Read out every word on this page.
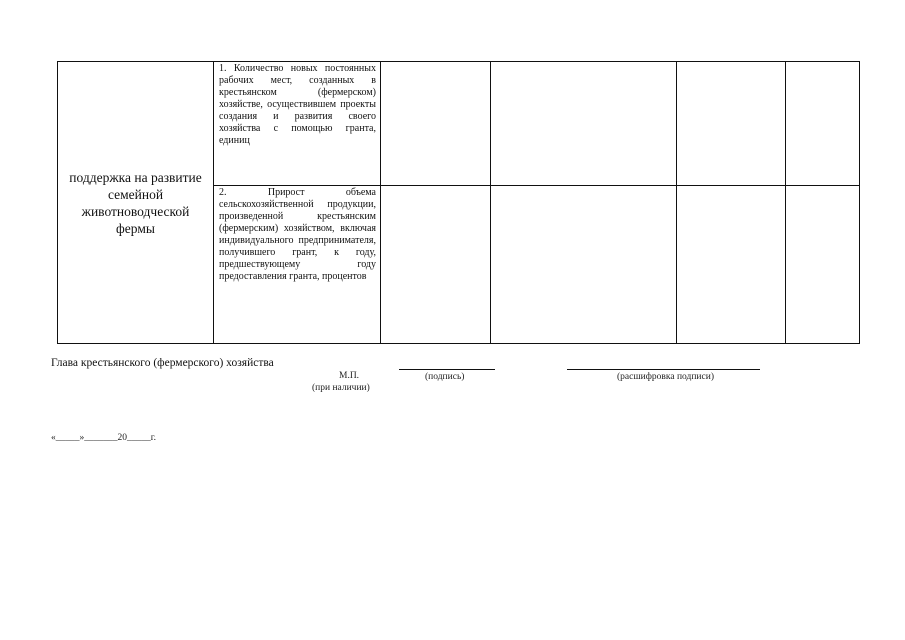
поддержка на развитие семейной животноводческой фермы	1. Количество новых постоянных рабочих мест, созданных в крестьянском (фермерском) хозяйстве, осуществившем проекты создания и развития своего хозяйства с помощью гранта, единиц				
	2. Прирост объема сельскохозяйственной продукции, произведенной крестьянским (фермерским) хозяйством, включая индивидуального предпринимателя, получившего грант, к году, предшествующему году предоставления гранта, процентов				
Глава крестьянского (фермерского) хозяйства
М.П.
(при наличии)
(подпись)	(расшифровка подписи)
«_____»_______20_____г.
